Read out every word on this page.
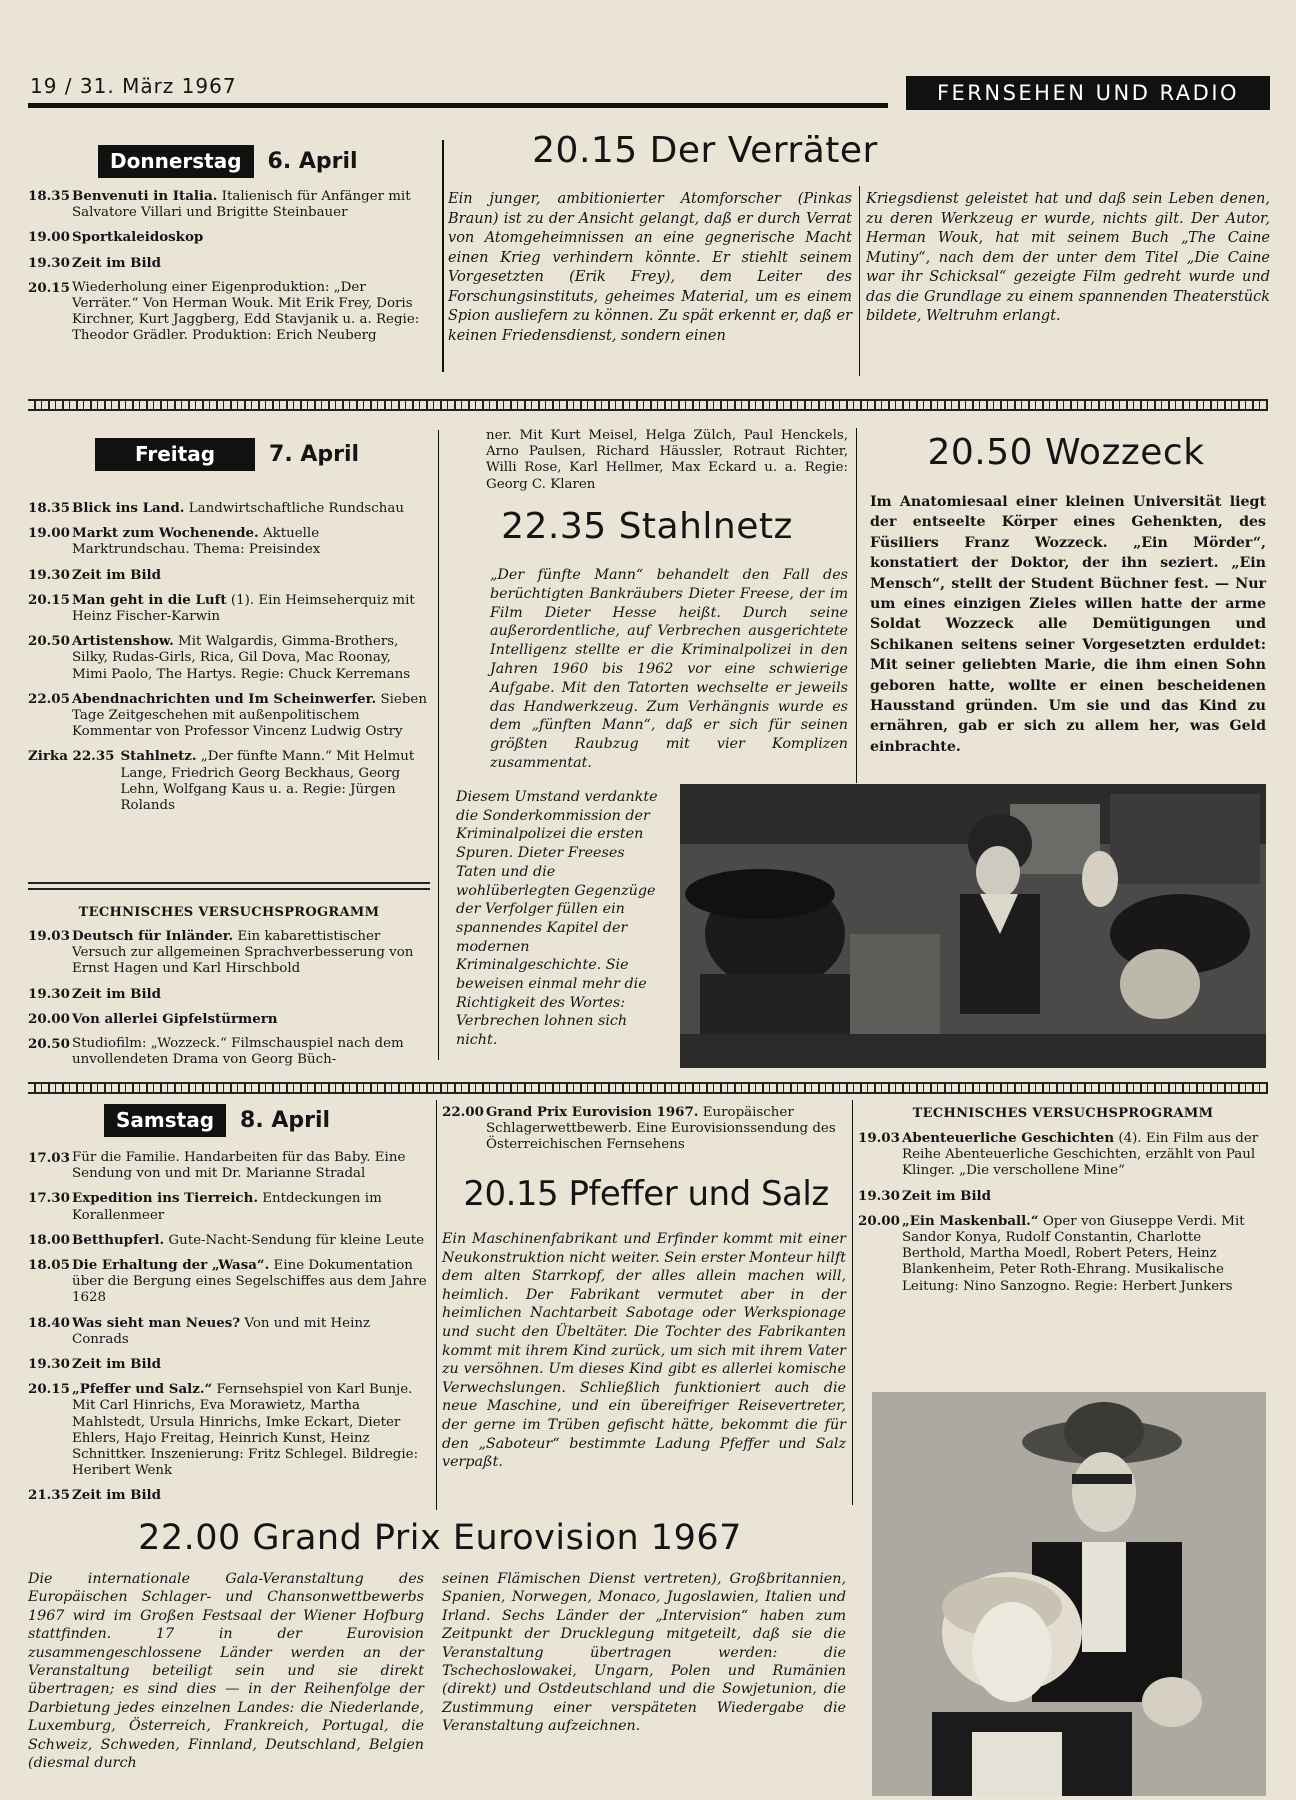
19 / 31. März 1967	FERNSEHEN UND RADIO
Donnerstag	6. April
18.35 Benvenuti in Italia. Italienisch für Anfänger mit Salvatore Villari und Brigitte Steinbauer
19.00 Sportkaleidoskop
19.30 Zeit im Bild
20.15 Wiederholung einer Eigenproduktion: „Der Verräter.“ Von Herman Wouk. Mit Erik Frey, Doris Kirchner, Kurt Jaggberg, Edd Stavjanik u. a. Regie: Theodor Grädler. Produktion: Erich Neuberg
20.15 Der Verräter
Ein junger, ambitionierter Atomforscher (Pinkas Braun) ist zu der Ansicht gelangt, daß er durch Verrat von Atomgeheimnissen an eine gegnerische Macht einen Krieg verhindern könnte. Er stiehlt seinem Vorgesetzten (Erik Frey), dem Leiter des Forschungsinstituts, geheimes Material, um es einem Spion ausliefern zu können. Zu spät erkennt er, daß er keinen Friedensdienst, sondern einen
Kriegsdienst geleistet hat und daß sein Leben denen, zu deren Werkzeug er wurde, nichts gilt. Der Autor, Herman Wouk, hat mit seinem Buch „The Caine Mutiny“, nach dem der unter dem Titel „Die Caine war ihr Schicksal“ gezeigte Film gedreht wurde und das die Grundlage zu einem spannenden Theaterstück bildete, Weltruhm erlangt.
Freitag	7. April
18.35 Blick ins Land. Landwirtschaftliche Rundschau
19.00 Markt zum Wochenende. Aktuelle Marktrundschau. Thema: Preisindex
19.30 Zeit im Bild
20.15 Man geht in die Luft (1). Ein Heimseherquiz mit Heinz Fischer-Karwin
20.50 Artistenshow. Mit Walgardis, Gimma-Brothers, Silky, Rudas-Girls, Rica, Gil Dova, Mac Roonay, Mimi Paolo, The Hartys. Regie: Chuck Kerremans
22.05 Abendnachrichten und Im Scheinwerfer. Sieben Tage Zeitgeschehen mit außenpolitischem Kommentar von Professor Vincenz Ludwig Ostry
Zirka 22.35 Stahlnetz. „Der fünfte Mann.“ Mit Helmut Lange, Friedrich Georg Beckhaus, Georg Lehn, Wolfgang Kaus u. a. Regie: Jürgen Rolands
TECHNISCHES VERSUCHSPROGRAMM
19.03 Deutsch für Inländer. Ein kabarettistischer Versuch zur allgemeinen Sprachverbesserung von Ernst Hagen und Karl Hirschbold
19.30 Zeit im Bild
20.00 Von allerlei Gipfelstürmern
20.50 Studiofilm: „Wozzeck.“ Filmschauspiel nach dem unvollendeten Drama von Georg Büch-
ner. Mit Kurt Meisel, Helga Zülch, Paul Henckels, Arno Paulsen, Richard Häussler, Rotraut Richter, Willi Rose, Karl Hellmer, Max Eckard u. a. Regie: Georg C. Klaren
22.35 Stahlnetz
„Der fünfte Mann“ behandelt den Fall des berüchtigten Bankräubers Dieter Freese, der im Film Dieter Hesse heißt. Durch seine außerordentliche, auf Verbrechen ausgerichtete Intelligenz stellte er die Kriminalpolizei in den Jahren 1960 bis 1962 vor eine schwierige Aufgabe. Mit den Tatorten wechselte er jeweils das Handwerkzeug. Zum Verhängnis wurde es dem „fünften Mann“, daß er sich für seinen größten Raubzug mit vier Komplizen zusammentat.
20.50 Wozzeck
Im Anatomiesaal einer kleinen Universität liegt der entseelte Körper eines Gehenkten, des Füsiliers Franz Wozzeck. „Ein Mörder“, konstatiert der Doktor, der ihn seziert. „Ein Mensch“, stellt der Student Büchner fest. — Nur um eines einzigen Zieles willen hatte der arme Soldat Wozzeck alle Demütigungen und Schikanen seitens seiner Vorgesetzten erduldet: Mit seiner geliebten Marie, die ihm einen Sohn geboren hatte, wollte er einen bescheidenen Hausstand gründen. Um sie und das Kind zu ernähren, gab er sich zu allem her, was Geld einbrachte.
Diesem Umstand verdankte die Sonderkommission der Kriminalpolizei die ersten Spuren. Dieter Freeses Taten und die wohlüberlegten Gegenzüge der Verfolger füllen ein spannendes Kapitel der modernen Kriminalgeschichte. Sie beweisen einmal mehr die Richtigkeit des Wortes: Verbrechen lohnen sich nicht.
Samstag	8. April
17.03 Für die Familie. Handarbeiten für das Baby. Eine Sendung von und mit Dr. Marianne Stradal
17.30 Expedition ins Tierreich. Entdeckungen im Korallenmeer
18.00 Betthupferl. Gute-Nacht-Sendung für kleine Leute
18.05 Die Erhaltung der „Wasa“. Eine Dokumentation über die Bergung eines Segelschiffes aus dem Jahre 1628
18.40 Was sieht man Neues? Von und mit Heinz Conrads
19.30 Zeit im Bild
20.15 „Pfeffer und Salz.“ Fernsehspiel von Karl Bunje. Mit Carl Hinrichs, Eva Morawietz, Martha Mahlstedt, Ursula Hinrichs, Imke Eckart, Dieter Ehlers, Hajo Freitag, Heinrich Kunst, Heinz Schnittker. Inszenierung: Fritz Schlegel. Bildregie: Heribert Wenk
21.35 Zeit im Bild
22.00 Grand Prix Eurovision 1967. Europäischer Schlagerwettbewerb. Eine Eurovisionssendung des Österreichischen Fernsehens
20.15 Pfeffer und Salz
Ein Maschinenfabrikant und Erfinder kommt mit einer Neukonstruktion nicht weiter. Sein erster Monteur hilft dem alten Starrkopf, der alles allein machen will, heimlich. Der Fabrikant vermutet aber in der heimlichen Nachtarbeit Sabotage oder Werkspionage und sucht den Übeltäter. Die Tochter des Fabrikanten kommt mit ihrem Kind zurück, um sich mit ihrem Vater zu versöhnen. Um dieses Kind gibt es allerlei komische Verwechslungen. Schließlich funktioniert auch die neue Maschine, und ein übereifriger Reisevertreter, der gerne im Trüben gefischt hätte, bekommt die für den „Saboteur“ bestimmte Ladung Pfeffer und Salz verpaßt.
TECHNISCHES VERSUCHSPROGRAMM
19.03 Abenteuerliche Geschichten (4). Ein Film aus der Reihe Abenteuerliche Geschichten, erzählt von Paul Klinger. „Die verschollene Mine“
19.30 Zeit im Bild
20.00 „Ein Maskenball.“ Oper von Giuseppe Verdi. Mit Sandor Konya, Rudolf Constantin, Charlotte Berthold, Martha Moedl, Robert Peters, Heinz Blankenheim, Peter Roth-Ehrang. Musikalische Leitung: Nino Sanzogno. Regie: Herbert Junkers
22.00 Grand Prix Eurovision 1967
Die internationale Gala-Veranstaltung des Europäischen Schlager- und Chansonwettbewerbs 1967 wird im Großen Festsaal der Wiener Hofburg stattfinden. 17 in der Eurovision zusammengeschlossene Länder werden an der Veranstaltung beteiligt sein und sie direkt übertragen; es sind dies — in der Reihenfolge der Darbietung jedes einzelnen Landes: die Niederlande, Luxemburg, Österreich, Frankreich, Portugal, die Schweiz, Schweden, Finnland, Deutschland, Belgien (diesmal durch
seinen Flämischen Dienst vertreten), Großbritannien, Spanien, Norwegen, Monaco, Jugoslawien, Italien und Irland. Sechs Länder der „Intervision“ haben zum Zeitpunkt der Drucklegung mitgeteilt, daß sie die Veranstaltung übertragen werden: die Tschechoslowakei, Ungarn, Polen und Rumänien (direkt) und Ostdeutschland und die Sowjetunion, die Zustimmung einer verspäteten Wiedergabe die Veranstaltung aufzeichnen.
